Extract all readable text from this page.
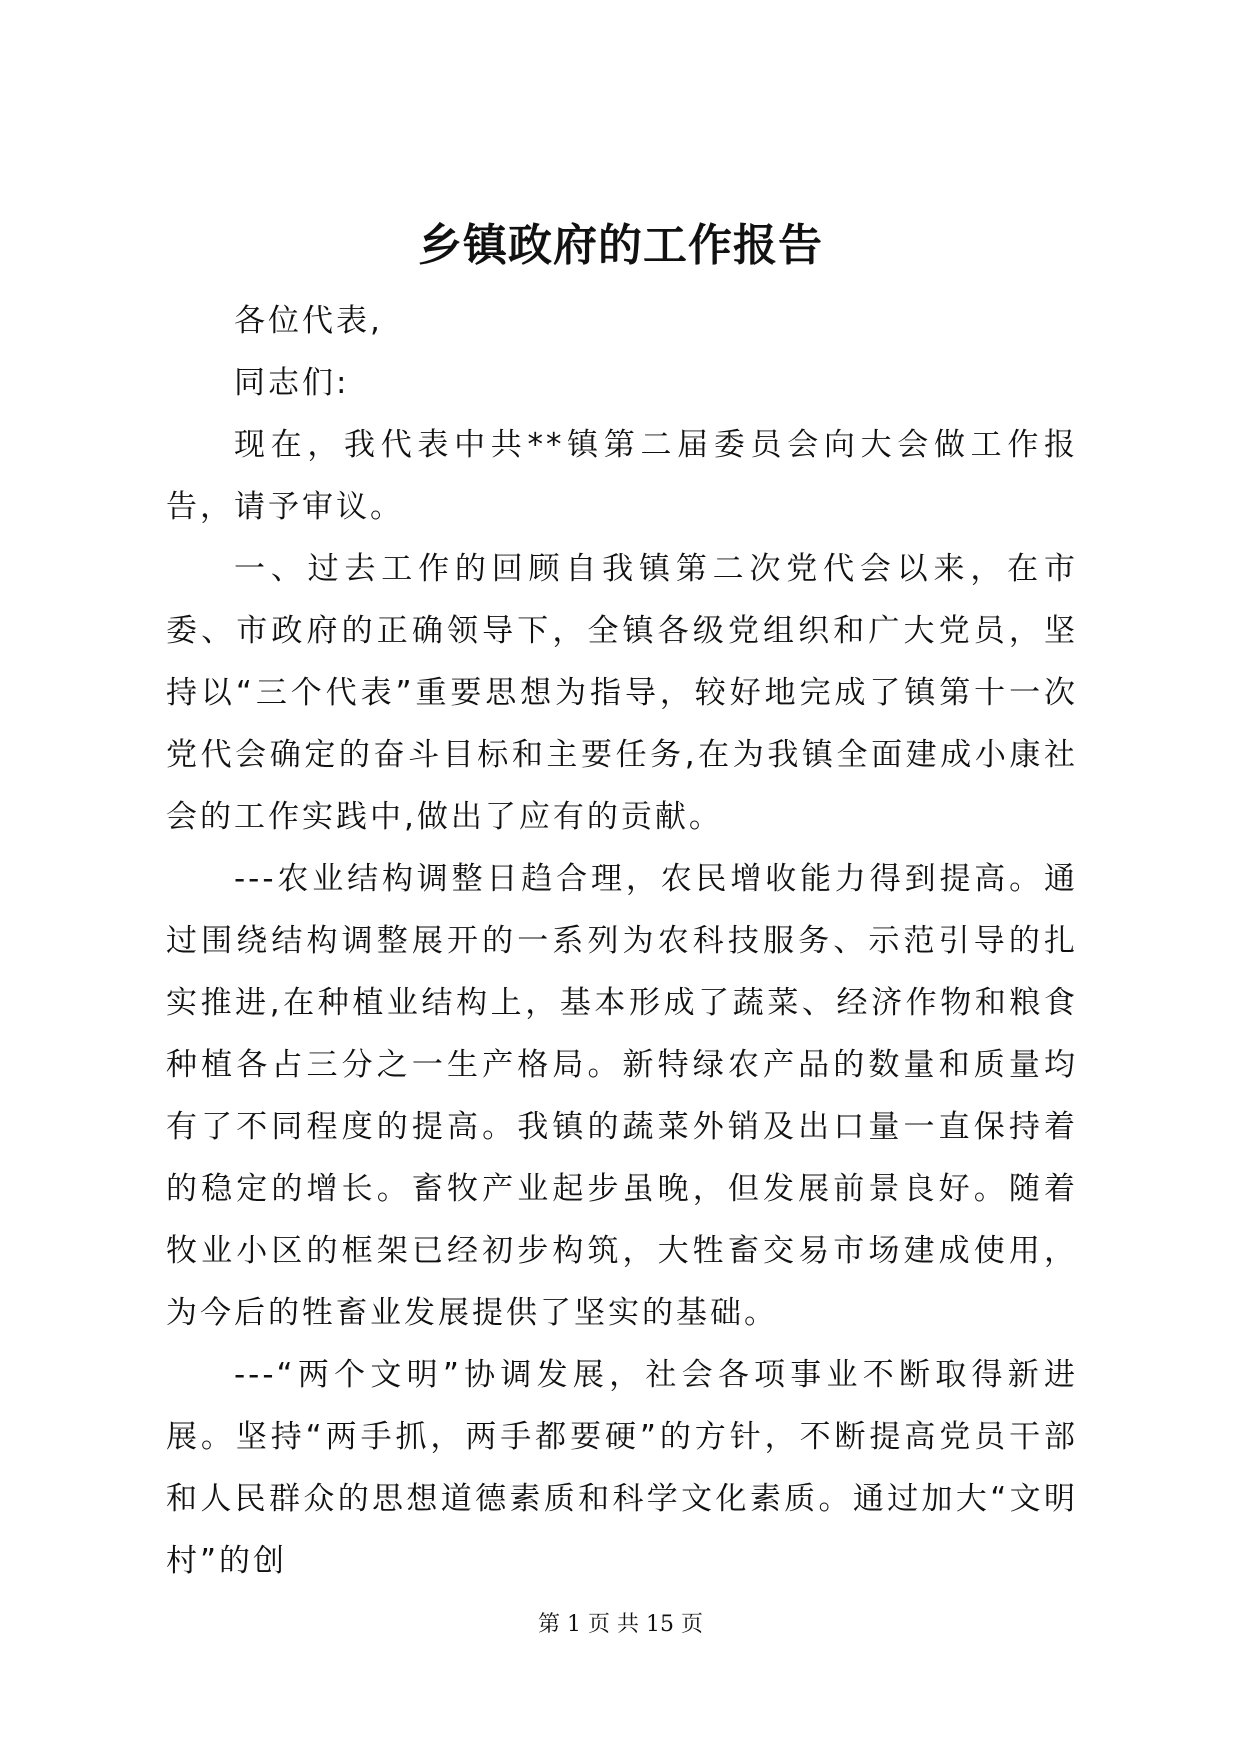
乡镇政府的工作报告

各位代表,

同志们:

现在，我代表中共**镇第二届委员会向大会做工作报告，请予审议。

一、过去工作的回顾自我镇第二次党代会以来，在市委、市政府的正确领导下，全镇各级党组织和广大党员，坚持以“三个代表”重要思想为指导，较好地完成了镇第十一次党代会确定的奋斗目标和主要任务,在为我镇全面建成小康社会的工作实践中,做出了应有的贡献。

---农业结构调整日趋合理，农民增收能力得到提高。通过围绕结构调整展开的一系列为农科技服务、示范引导的扎实推进,在种植业结构上，基本形成了蔬菜、经济作物和粮食种植各占三分之一生产格局。新特绿农产品的数量和质量均有了不同程度的提高。我镇的蔬菜外销及出口量一直保持着的稳定的增长。畜牧产业起步虽晚，但发展前景良好。随着牧业小区的框架已经初步构筑，大牲畜交易市场建成使用，为今后的牲畜业发展提供了坚实的基础。

---“两个文明”协调发展，社会各项事业不断取得新进展。坚持“两手抓，两手都要硬”的方针，不断提高党员干部和人民群众的思想道德素质和科学文化素质。通过加大“文明村”的创

第 1 页 共 15 页
